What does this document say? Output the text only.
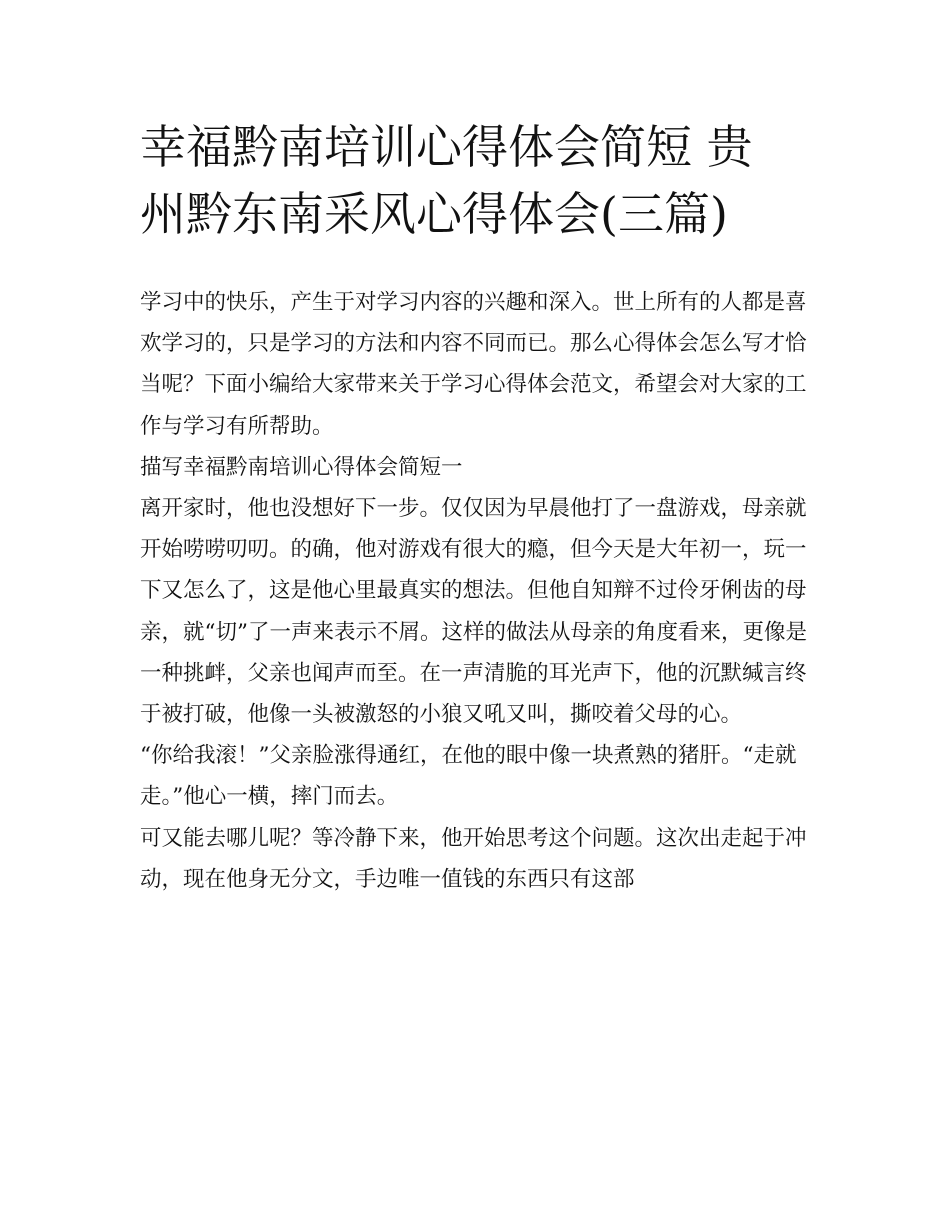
幸福黔南培训心得体会简短 贵
州黔东南采风心得体会(三篇)

学习中的快乐，产生于对学习内容的兴趣和深入。世上所有的人都是喜欢学习的，只是学习的方法和内容不同而已。那么心得体会怎么写才恰当呢？下面小编给大家带来关于学习心得体会范文，希望会对大家的工作与学习有所帮助。

描写幸福黔南培训心得体会简短一

离开家时，他也没想好下一步。仅仅因为早晨他打了一盘游戏，母亲就开始唠唠叨叨。的确，他对游戏有很大的瘾，但今天是大年初一，玩一下又怎么了，这是他心里最真实的想法。但他自知辩不过伶牙俐齿的母亲，就“切”了一声来表示不屑。这样的做法从母亲的角度看来，更像是一种挑衅，父亲也闻声而至。在一声清脆的耳光声下，他的沉默缄言终于被打破，他像一头被激怒的小狼又吼又叫，撕咬着父母的心。

“你给我滚！”父亲脸涨得通红，在他的眼中像一块煮熟的猪肝。“走就走。”他心一横，摔门而去。

可又能去哪儿呢？等冷静下来，他开始思考这个问题。这次出走起于冲动，现在他身无分文，手边唯一值钱的东西只有这部
